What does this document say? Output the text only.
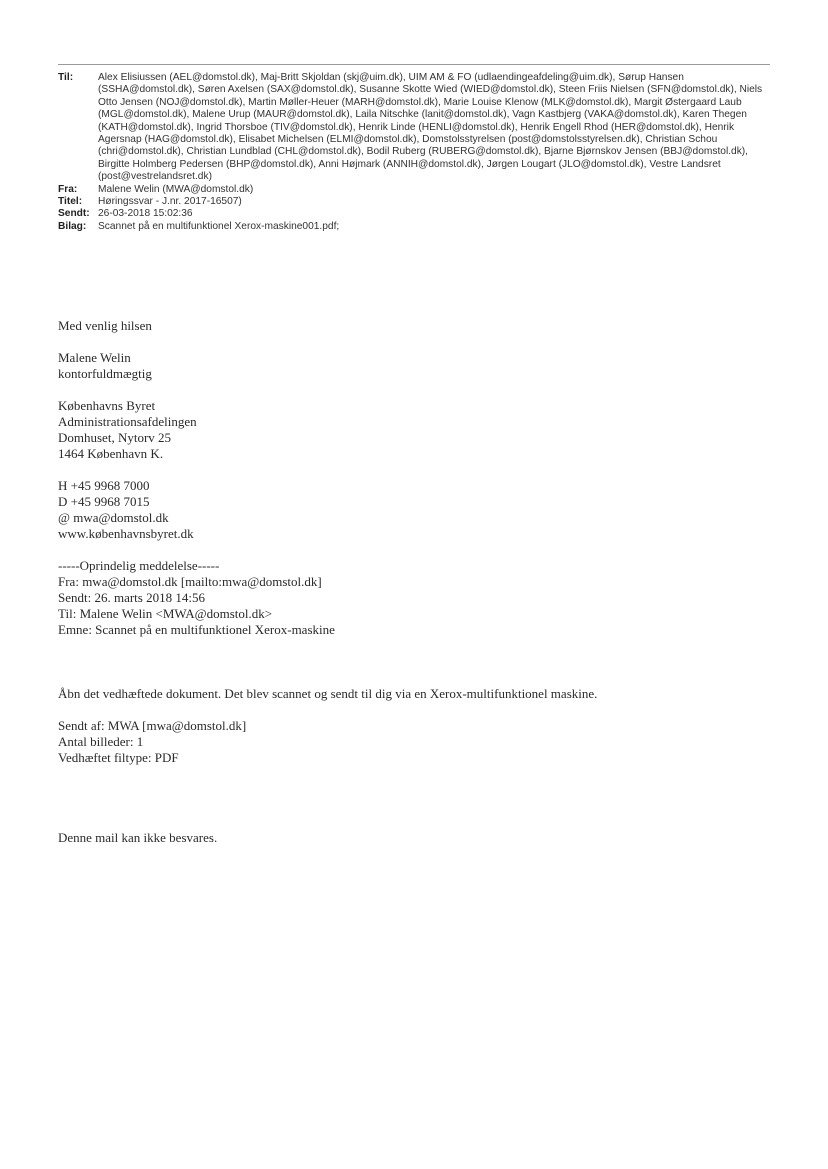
Til:	Alex Elisiussen (AEL@domstol.dk), Maj-Britt Skjoldan (skj@uim.dk), UIM AM & FO (udlaendingeafdeling@uim.dk), Sørup Hansen (SSHA@domstol.dk), Søren Axelsen (SAX@domstol.dk), Susanne Skotte Wied (WIED@domstol.dk), Steen Friis Nielsen (SFN@domstol.dk), Niels Otto Jensen (NOJ@domstol.dk), Martin Møller-Heuer (MARH@domstol.dk), Marie Louise Klenow (MLK@domstol.dk), Margit Østergaard Laub (MGL@domstol.dk), Malene Urup (MAUR@domstol.dk), Laila Nitschke (lanit@domstol.dk), Vagn Kastbjerg (VAKA@domstol.dk), Karen Thegen (KATH@domstol.dk), Ingrid Thorsboe (TIV@domstol.dk), Henrik Linde (HENLI@domstol.dk), Henrik Engell Rhod (HER@domstol.dk), Henrik Agersnap (HAG@domstol.dk), Elisabet Michelsen (ELMI@domstol.dk), Domstolsstyrelsen (post@domstolsstyrelsen.dk), Christian Schou (chri@domstol.dk), Christian Lundblad (CHL@domstol.dk), Bodil Ruberg (RUBERG@domstol.dk), Bjarne Bjørnskov Jensen (BBJ@domstol.dk), Birgitte Holmberg Pedersen (BHP@domstol.dk), Anni Højmark (ANNIH@domstol.dk), Jørgen Lougart (JLO@domstol.dk), Vestre Landsret (post@vestrelandsret.dk)
Fra:	Malene Welin (MWA@domstol.dk)
Titel:	Høringssvar - J.nr. 2017-16507)
Sendt: 26-03-2018 15:02:36
Bilag:	Scannet på en multifunktionel Xerox-maskine001.pdf;

Med venlig hilsen

Malene Welin

kontorfuldmægtig

Københavns Byret

Administrationsafdelingen

Domhuset, Nytorv 25

1464 København K.

H +45 9968 7000

D +45 9968 7015

@ mwa@domstol.dk

www.københavnsbyret.dk

-----Oprindelig meddelelse-----

Fra: mwa@domstol.dk [mailto:mwa@domstol.dk]

Sendt: 26. marts 2018 14:56

Til: Malene Welin <MWA@domstol.dk>

Emne: Scannet på en multifunktionel Xerox-maskine

Åbn det vedhæftede dokument. Det blev scannet og sendt til dig via en Xerox-multifunktionel maskine.

Sendt af: MWA [mwa@domstol.dk]

Antal billeder: 1

Vedhæftet filtype: PDF

Denne mail kan ikke besvares.
